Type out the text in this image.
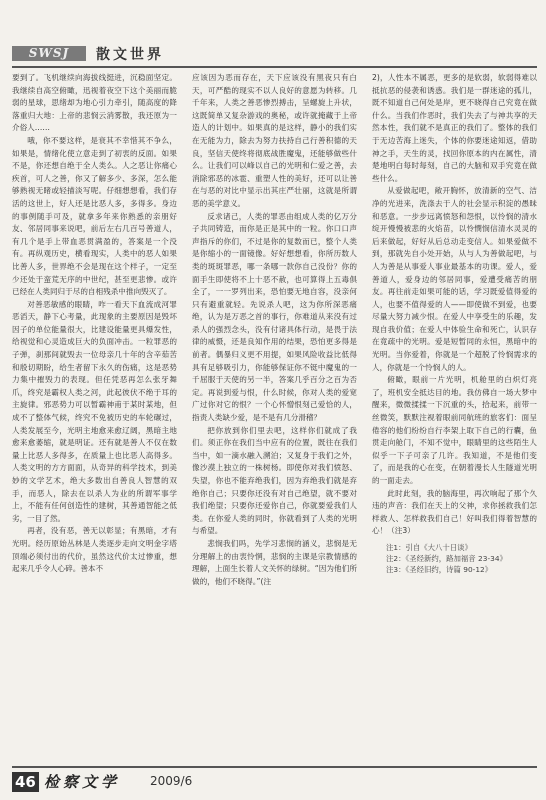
SWSJ	散文世界

要到了。飞机继续向海拔线挺进，沉稳面坚定。我继续自高空俯瞰，迅视着夜空下这个美丽而脆弱的星球，思绪却为地心引力牵引，随高度的降落重归大地：上帝的悲悯云消雾散，我还原为一介俗人……

哦，你不要这样，是衰其不幸惜其不争么，如果是，情绪化使立意走到了初衷的反面。如果不是，你还想自绝于全人类么。人之恶让你痛心疾首，可人之善，你又了解多少、多深，怎么能够熟视无睹或轻描淡写呢。仔细想想看，我们存活的这世上，好人还是比恶人多，多得多。身边的事例随手可及，就拿多年来你熟悉的亲朋好友、邻居同事来说吧，前后左右几百号善道人，有几个是手上带血恶贯满盈的，答案是一个没有。再纵观历史，横看现实，人类中的恶人如果比善人多，世界绝不会是现在这个样子，一定至少还处于蛮荒无序的中世纪，甚至更悲惨。或许已经在人类同归于尽的自相残杀中推向毁灭了。

对善恶敏感的眼睛，咋一看天下血流成河罪恶滔天，静下心考量，此现象的主要原因是毁坏因子的单位能量很大，比建设能量更具爆发性，给视觉和心灵造成巨大的负面冲击。一粒罪恶的子弹，刹那间就毁去一位母亲几十年的含辛茹苦和殷切期盼，给生者留下永久的伤痛，这是恶势力集中摧毁力的表现。但任凭恶再怎么张牙舞爪，终究是霸权人类之河，此起彼伏不绝于耳的主旋律。邪恶势力可以暂霸神甫于某时某地，但成不了整体气候，终究不免被历史的车轮碾过，人类发展至今，光明主地愈来愈辽阔，黑暗主地愈来愈萎缩，就是明证。还有就是善人不仅在数量上比恶人多得多，在质量上也比恶人高得多。人类文明的方方面面，从奇异的科学技术，到美妙的文学艺术，绝大多数出自善良人智慧的双手，而恶人，除去在以杀人为业的所谓军事学上，不能有任何创造性的建树，其善通智能之低劣，一目了然。

再者，没有恶，善无以彰显；有黑暗，才有光明。经历原始丛林是人类逐步走向文明金字塔顶端必须付出的代价，虽然这代价太过惨重，想起来几乎令人心碎。善本不

应该因为恶而存在，天下应该没有黑夜只有白天，可严酷的现实不以人良好的意愿为转移。几千年来，人类之善恶惨烈搏击，呈螺旋上升状，这既简单又复杂游戏的奥秘，或许就掩藏于上帝造人的计划中。如果真的是这样，静小的我们实在无能为力，除去为努力扶持自己行善积德的天良，坚信天使终将彻底战胜魔鬼，还能够做些什么。让我们可以峰以自己的光明和仁爱之善，去消除邪恶的冰雹、重塑人性的美好，还可以让善在与恶的对比中显示出其庄严壮丽，这就是所谓恶的美学意义。

反求诸己，人类的罪恶由组成人类的亿万分子共同铸造，而你是正是其中的一粒。你口口声声指斥的你们，不过是你的复数而已，整个人类是你缩小的一面镜像。好好想想看，你所历数人类的斑斑罪恶，哪一条哪一款你自己没份？你的面手生即使将不上十恶不赦，也可算得上五毒俱全了，一一罗列出来，恐怕要无地自容，没亲何只有避重就轻。先说杀人吧，这为你所深恶痛绝，认为是万恶之首的事行，你难道从来没有过杀人的强烈念头，没有付诸具体行动，是畏于法律的威慑，还是良知作用的结果，恐怕更多得是前者。偶暴归义更不用提，如果风险收益比低得具有足够吸引力，你能够保证你不铤中魔鬼的一千屈服于天使的另一半，答案几乎百分之百为否定。再说到爱与恨，什么时候，你对人类的爱宽广过你对它的恨？一个心怀憎恨刻己爱恰的人，指责人类缺少爱，是不是有几分滑稽？

把你放到你们里去吧，这样你们就成了我们。须正你在我们当中应有的位置，既往在我们当中，如一滴水融入溯泊；又复身于我们之外，像沙漠上独立的一株树杨。即使你对我们愤怒、失望，你也不能弃绝我们，因为弃绝我们就是弃绝你自己；只要你还没有对自己绝望，就不要对我们绝望；只要你还爱你自己，你就要爱我们人类。在你爱人类的同时，你就看到了人类的光明与希望。

悲悯我们吗，先学习悲悯的涵义，悲悯是无分理解上的由衷怜惘，悲悯的主课是宗教情感的理解，上面生长着人文关怀的绿树。“因为他们所做的，他们不晓得。”(注

2)，人性本不属恶，更多的是软弱，软弱得难以抵抗恶的侵袭和诱惑。我们是一群迷途的孤儿，既不知道自己何处是岸，更不晓得自己究竟在做什么。当我们作恶时，我们失去了与神共享的天然本性，我们就不是真正的我们了。整体的我们于无边苦海上迷失，个体的你要迷途知返，借助神之手，天生的灵，找回你原本的内在属性，清楚地明白每时每刻，自己的大脑和双手究竟在做些什么。

从爱做起吧，敞开胸怀，放清新的空气、洁净的光进来，洗涤去于人的社会显示积淀的愚昧和恶意。一步步远离愤怒和怨恨，以怜悯的清水绽开慢慢被悲的火焰苗，以怜憫悯信清水灵灵的后来做起，好好从后总动走变信人。如果爱做不到，那就先自小处开始，从与人为善做起吧，与人为善是从事爱人事业最基本的功课。爱人，爱善道人，爱身边的邻居同事，爱遭受痛苦的朋友。再往前走如果可能的话，学习既爱值得爱的人，也要不值得爱的人——即使做不到爱，也要尽量大努力减少恨。在爱人中享受生的乐趣，发现自我价值；在爱人中体验生命和死亡，认识存在竟疏中的光明。爱是短暂同的永恒，黑暗中的光明。当你爱着，你就是一个超脱了怜悯需求的人，你就是一个怜悯人的人。

俯瞰，眼前一片光明，机舱里的白炽灯亮了，班机安全抵达目的地。我仿佛自一场大梦中醒来，微微揉揉一下沉重的头，拾起来，前带一丝微笑，默默注视着眼前同航班的旅客们：面呈倦容的他们纷纷自行李架上取下自己的行囊，鱼贯走向舱门，不知不觉中，眼睛里的这些陌生人似乎一下子可亲了几许。我知道，不是他们变了，而是我的心在变，在朝着漫长人生隧道光明的一面走去。

此时此刻，我的脑海里，再次响起了那个久违的声音：我们在天上的父神，求你拯救我们怎样救人、怎样救我们自己！好叫我们得着智慧的心！（注3）

注1：引自《大八十日谈》
注2：《圣经新约，路加福音 23-34》
注3：《圣经旧约，诗篇 90-12》
46 检察文学 2009/6
